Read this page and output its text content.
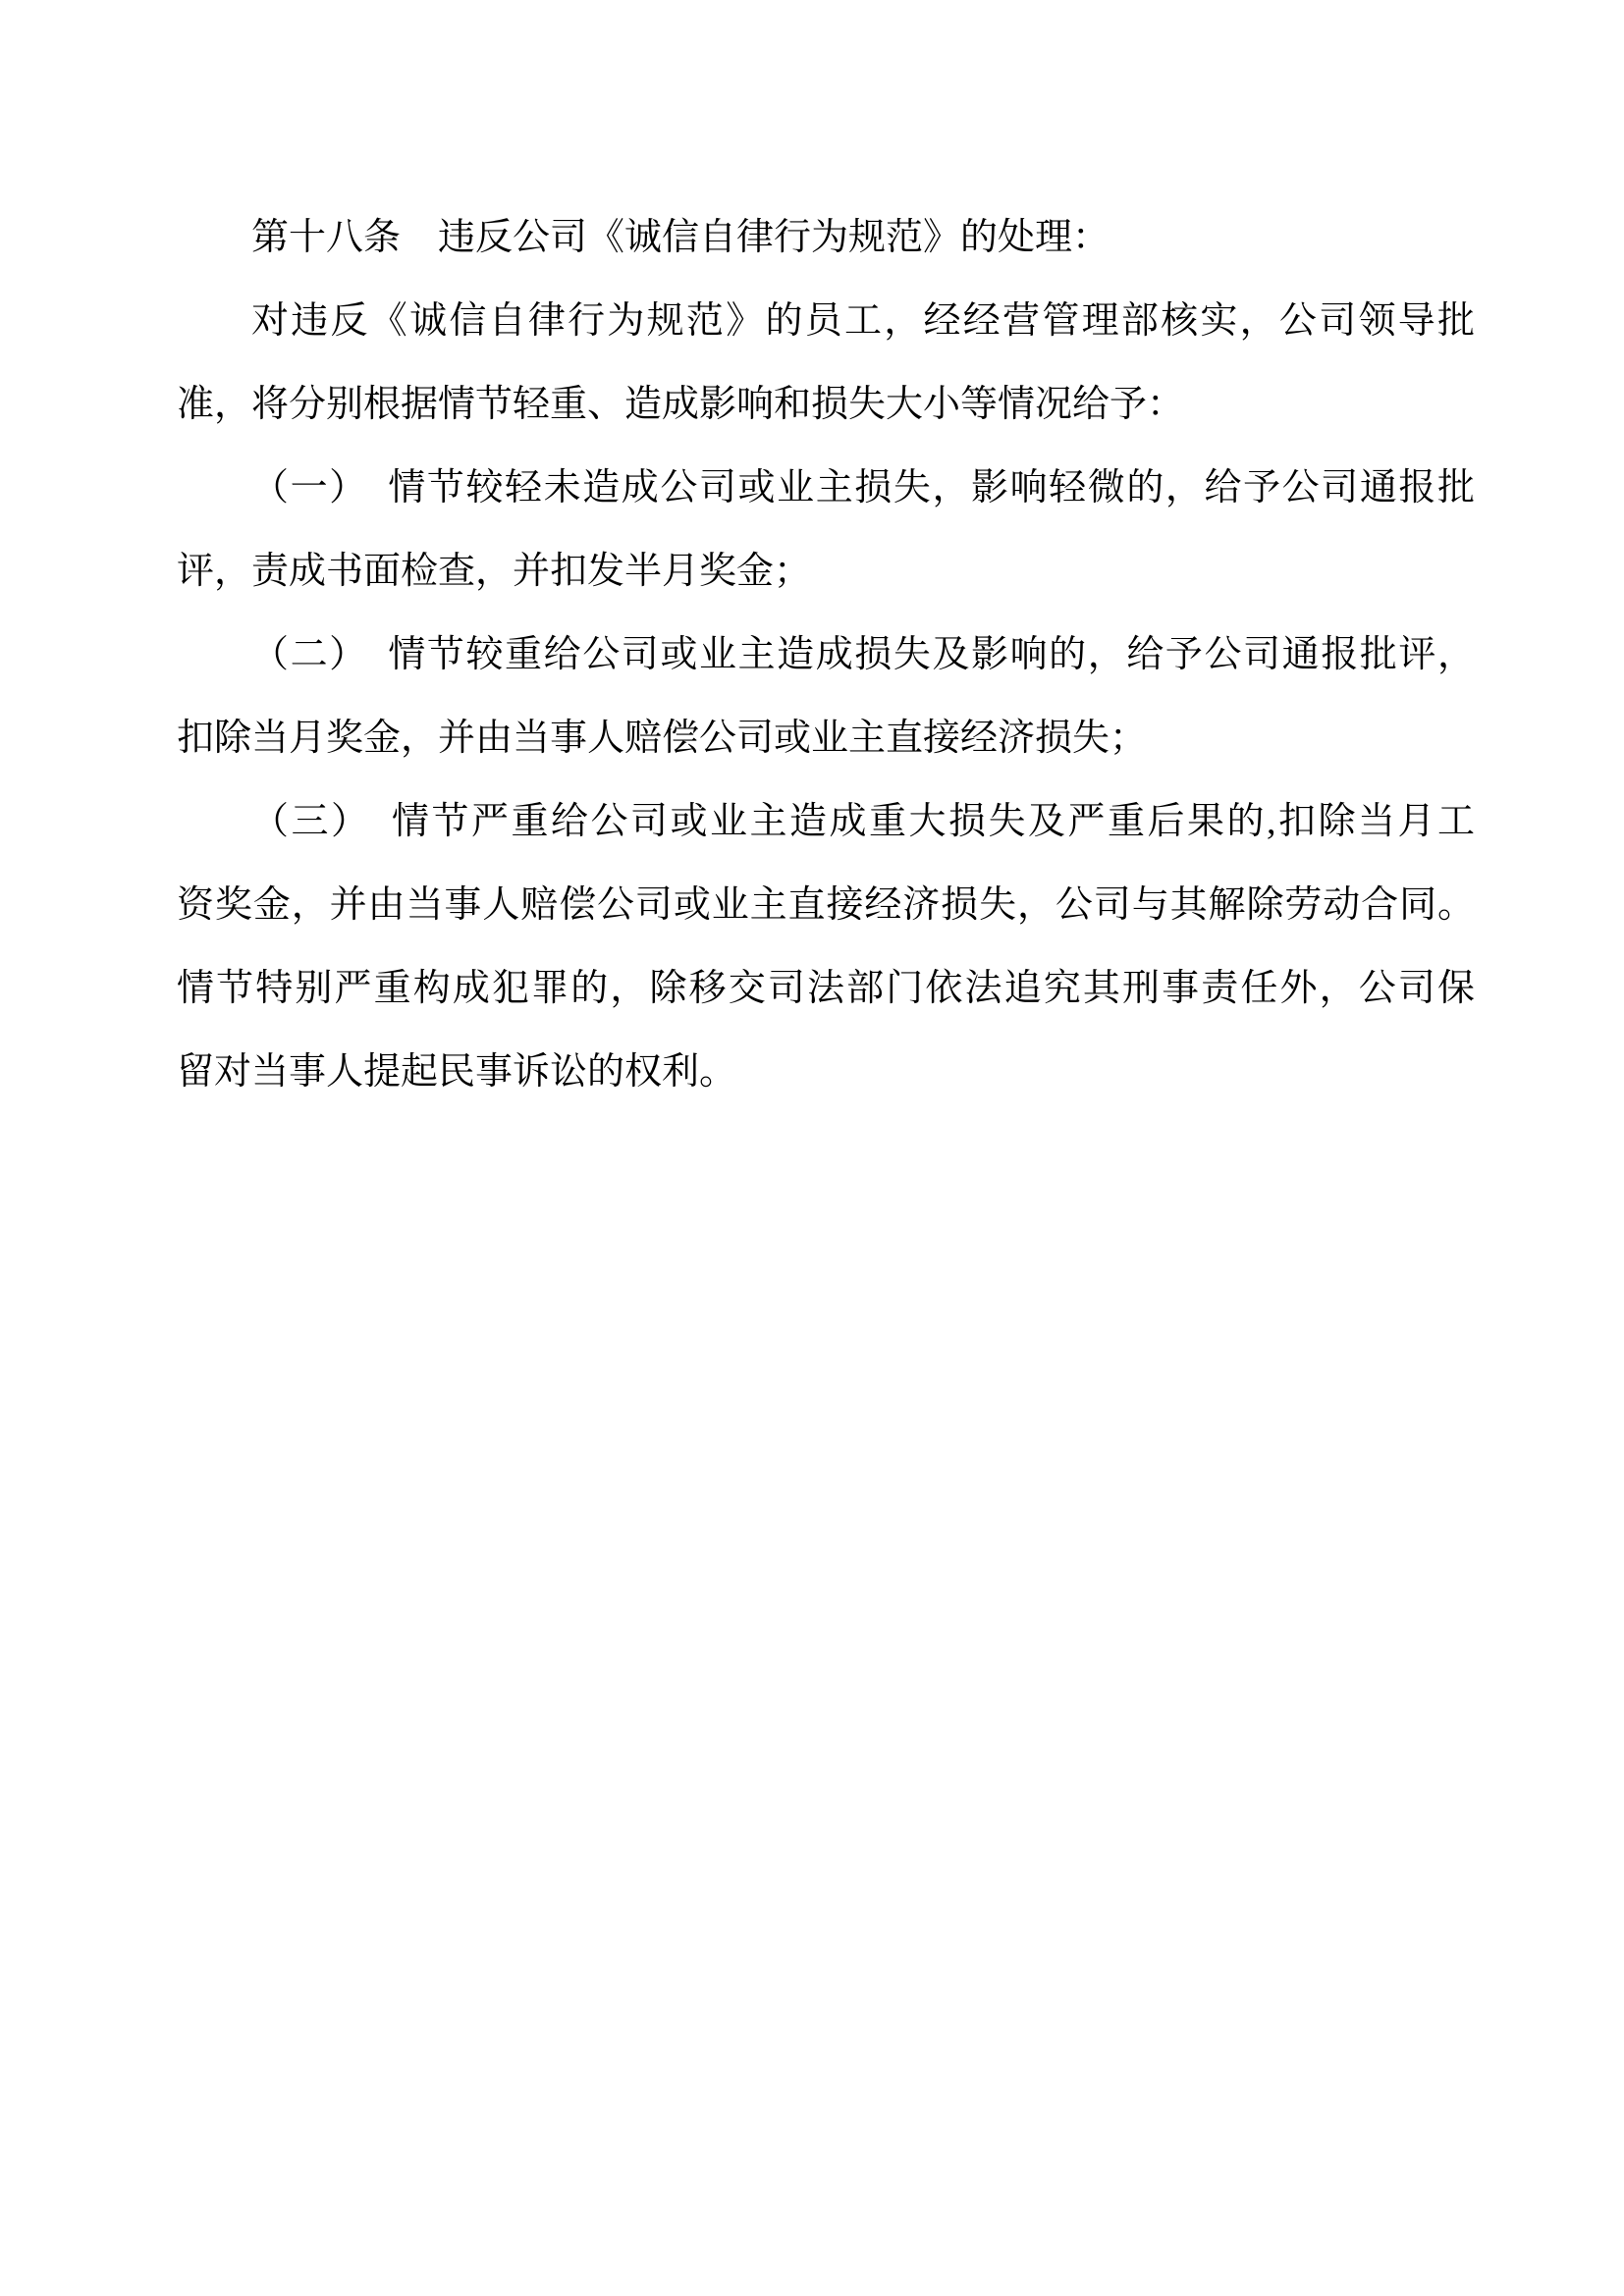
第十八条　违反公司《诚信自律行为规范》的处理：
对违反《诚信自律行为规范》的员工，经经营管理部核实，公司领导批
准，将分别根据情节轻重、造成影响和损失大小等情况给予：
（一）　情节较轻未造成公司或业主损失，影响轻微的，给予公司通报批
评，责成书面检查，并扣发半月奖金；
（二）　情节较重给公司或业主造成损失及影响的，给予公司通报批评，
扣除当月奖金，并由当事人赔偿公司或业主直接经济损失；
（三）　情节严重给公司或业主造成重大损失及严重后果的,扣除当月工
资奖金，并由当事人赔偿公司或业主直接经济损失，公司与其解除劳动合同。
情节特别严重构成犯罪的，除移交司法部门依法追究其刑事责任外，公司保
留对当事人提起民事诉讼的权利。
